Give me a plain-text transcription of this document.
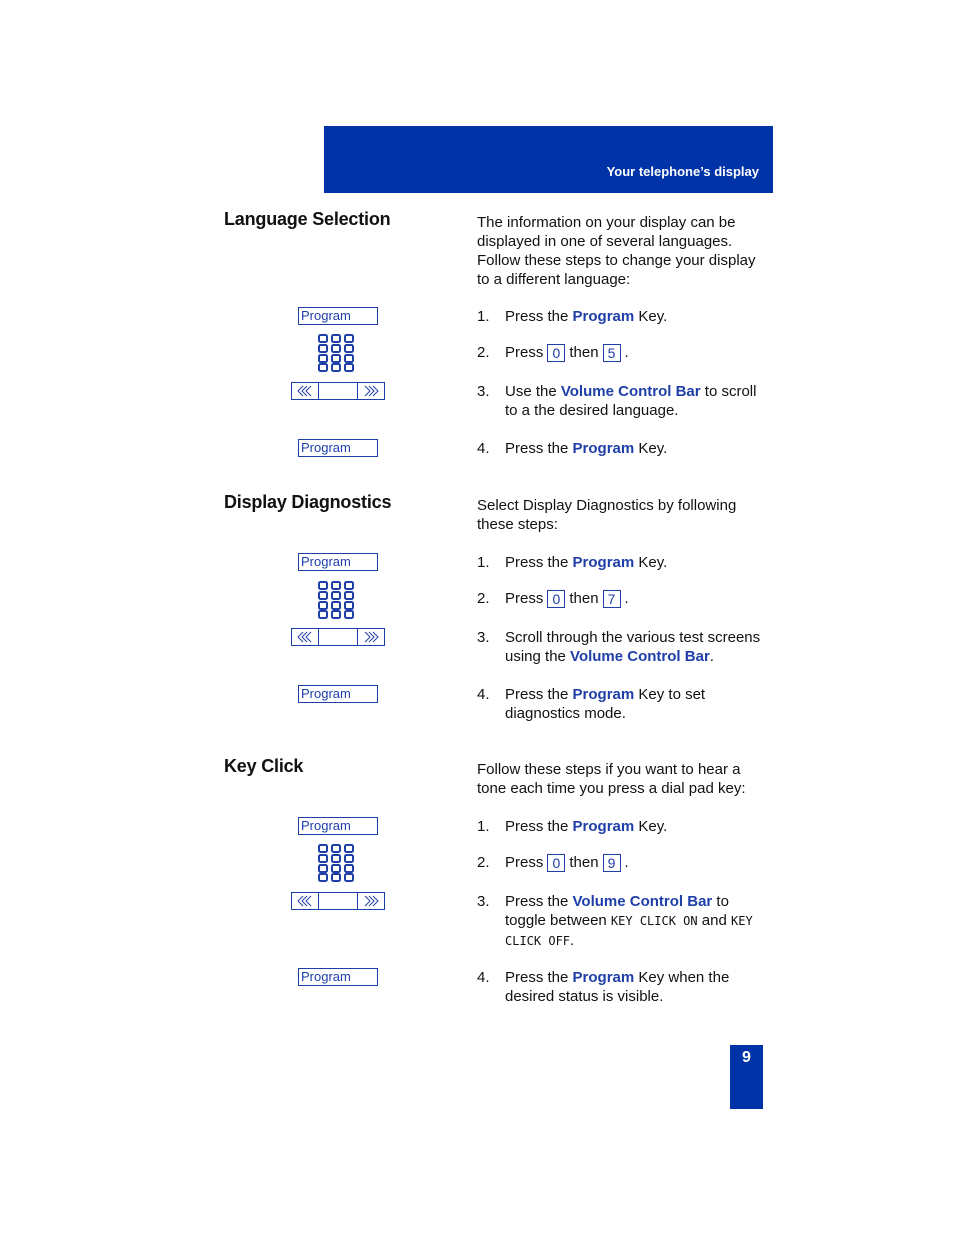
Your telephone’s display
Language Selection	The information on your display can be displayed in one of several languages. Follow these steps to change your display to a different language:
Program	1.	Press the Program Key.
2.	Press 0 then 5 .
3.	Use the Volume Control Bar to scroll to a the desired language.
Program	4.	Press the Program Key.
Display Diagnostics	Select Display Diagnostics by following these steps:
Program	1.	Press the Program Key.
2.	Press 0 then 7 .
3.	Scroll through the various test screens using the Volume Control Bar.
Program	4.	Press the Program Key to set diagnostics mode.
Key Click	Follow these steps if you want to hear a tone each time you press a dial pad key:
Program	1.	Press the Program Key.
2.	Press 0 then 9 .
3.	Press the Volume Control Bar to toggle between KEY CLICK ON and KEY CLICK OFF.
Program	4.	Press the Program Key when the desired status is visible.
9
